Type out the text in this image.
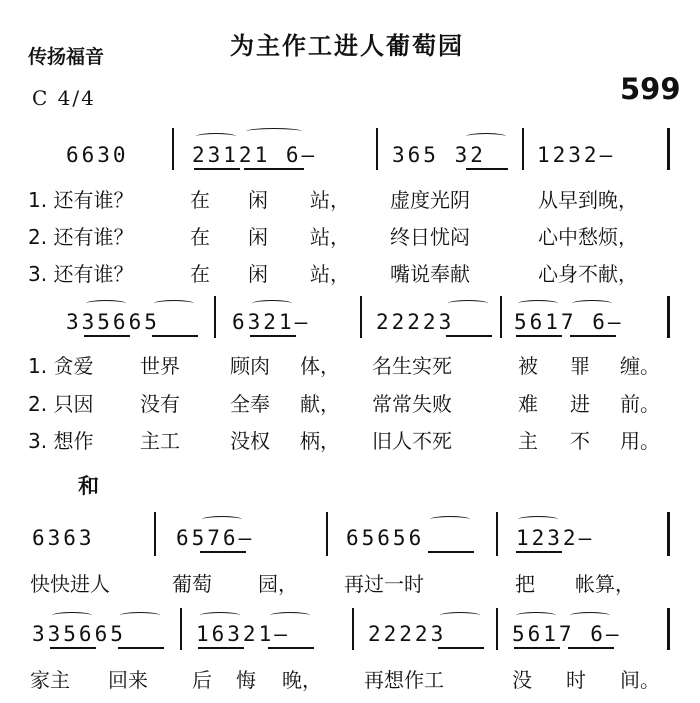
为主作工进人葡萄园
传扬福音
C 4/4	599
6630	23121 6—	365 32 1232—
1. 还有谁？	在 闲 站， 虚度光阴	从早到晚，
2. 还有谁？	在 闲 站， 终日忧闷	心中愁烦，
3. 还有谁？	在 闲 站， 嘴说奉献	心身不献，
335665	6321—	22223	5617 6—
1. 贪爱 世界	顾肉 体， 名生实死	被 罪 缠。
2. 只因 没有	全奉 献， 常常失败	难 进 前。
3. 想作 主工	没权 柄， 旧人不死	主 不 用。
和
6363	6576—	65656	1232—
快快进人	葡萄 园， 再过一时	把 帐算，
335665	16321—	22223	5617 6—
家主 回来 后 悔 晚， 再想作工	没 时 间。
